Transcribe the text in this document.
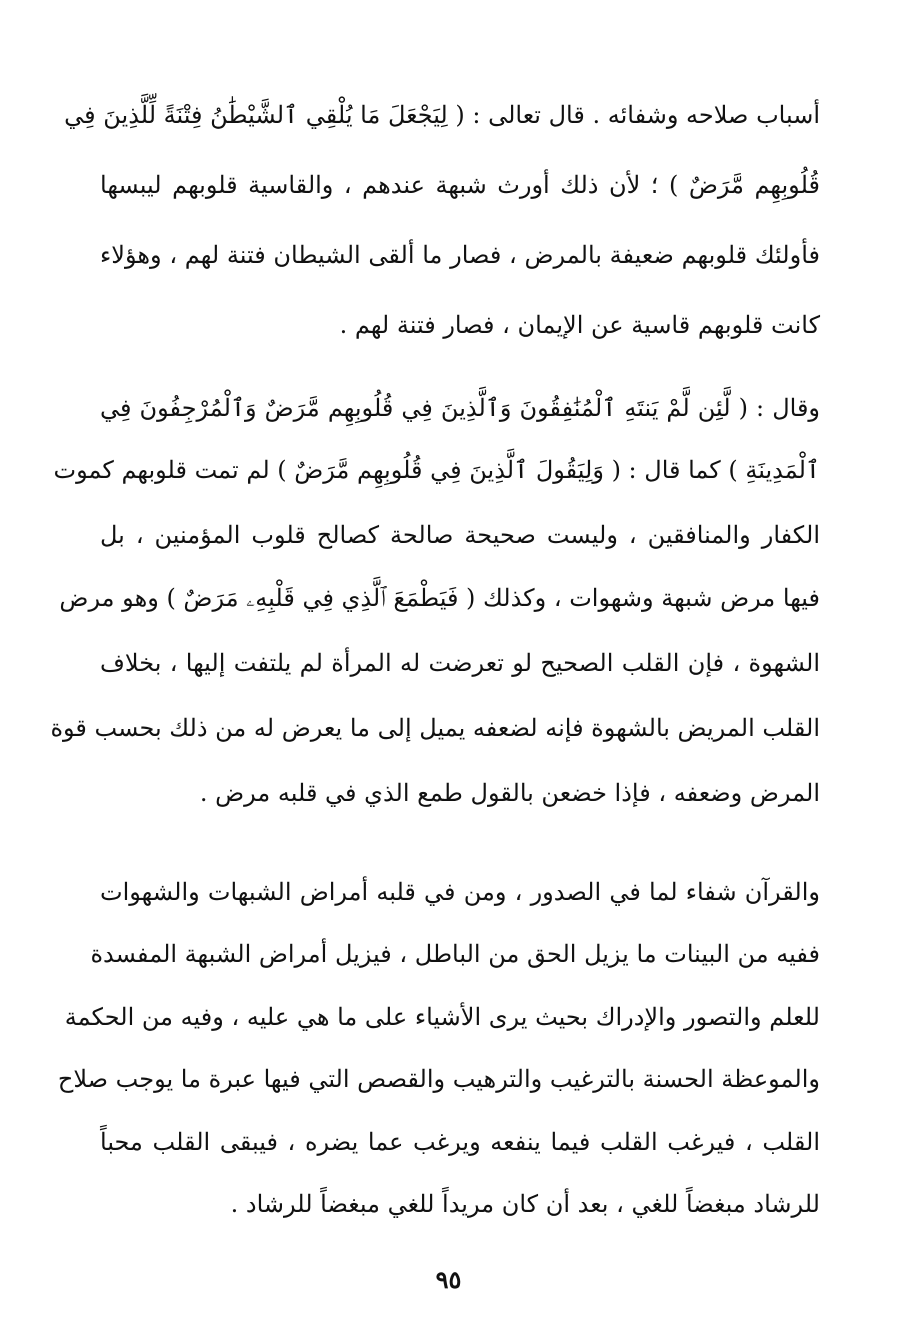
أسباب صلاحه وشفائه . قال تعالى : ( لِيَجْعَلَ مَا يُلْقِي ٱلشَّيْطَٰنُ فِتْنَةً لِّلَّذِينَ فِي
قُلُوبِهِم مَّرَضٌ ) ؛ لأن ذلك أورث شبهة عندهم ، والقاسية قلوبهم ليبسها
فأولئك قلوبهم ضعيفة بالمرض ، فصار ما ألقى الشيطان فتنة لهم ، وهؤلاء
كانت قلوبهم قاسية عن الإيمان ، فصار فتنة لهم .
وقال : ( لَّئِن لَّمْ يَنتَهِ ٱلْمُنَٰفِقُونَ وَٱلَّذِينَ فِي قُلُوبِهِم مَّرَضٌ وَٱلْمُرْجِفُونَ فِي
ٱلْمَدِينَةِ ) كما قال : ( وَلِيَقُولَ ٱلَّذِينَ فِي قُلُوبِهِم مَّرَضٌ ) لم تمت قلوبهم كموت
الكفار والمنافقين ، وليست صحيحة صالحة كصالح قلوب المؤمنين ، بل
فيها مرض شبهة وشهوات ، وكذلك ( فَيَطْمَعَ ٱلَّذِي فِي قَلْبِهِۦ مَرَضٌ ) وهو مرض
الشهوة ، فإن القلب الصحيح لو تعرضت له المرأة لم يلتفت إليها ، بخلاف
القلب المريض بالشهوة فإنه لضعفه يميل إلى ما يعرض له من ذلك بحسب قوة
المرض وضعفه ، فإذا خضعن بالقول طمع الذي في قلبه مرض .
والقرآن شفاء لما في الصدور ، ومن في قلبه أمراض الشبهات والشهوات
ففيه من البينات ما يزيل الحق من الباطل ، فيزيل أمراض الشبهة المفسدة
للعلم والتصور والإدراك بحيث يرى الأشياء على ما هي عليه ، وفيه من الحكمة
والموعظة الحسنة بالترغيب والترهيب والقصص التي فيها عبرة ما يوجب صلاح
القلب ، فيرغب القلب فيما ينفعه ويرغب عما يضره ، فيبقى القلب محباً
للرشاد مبغضاً للغي ، بعد أن كان مريداً للغي مبغضاً للرشاد .
٩٥
